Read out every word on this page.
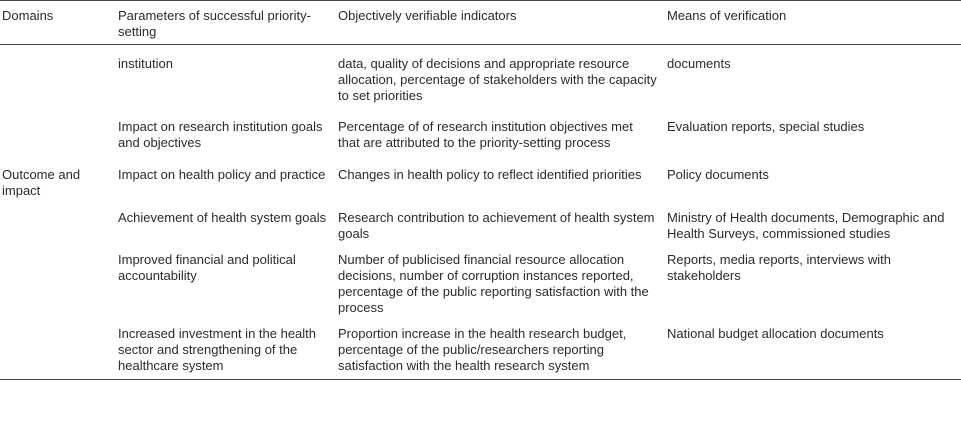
Domains	Parameters of successful priority-setting	Objectively verifiable indicators	Means of verification
	institution	data, quality of decisions and appropriate resource allocation, percentage of stakeholders with the capacity to set priorities	documents
	Impact on research institution goals and objectives	Percentage of of research institution objectives met that are attributed to the priority-setting process	Evaluation reports, special studies
Outcome and impact	Impact on health policy and practice	Changes in health policy to reflect identified priorities	Policy documents
	Achievement of health system goals	Research contribution to achievement of health system goals	Ministry of Health documents, Demographic and Health Surveys, commissioned studies
	Improved financial and political accountability	Number of publicised financial resource allocation decisions, number of corruption instances reported, percentage of the public reporting satisfaction with the process	Reports, media reports, interviews with stakeholders
	Increased investment in the health sector and strengthening of the healthcare system	Proportion increase in the health research budget, percentage of the public/researchers reporting satisfaction with the health research system	National budget allocation documents
